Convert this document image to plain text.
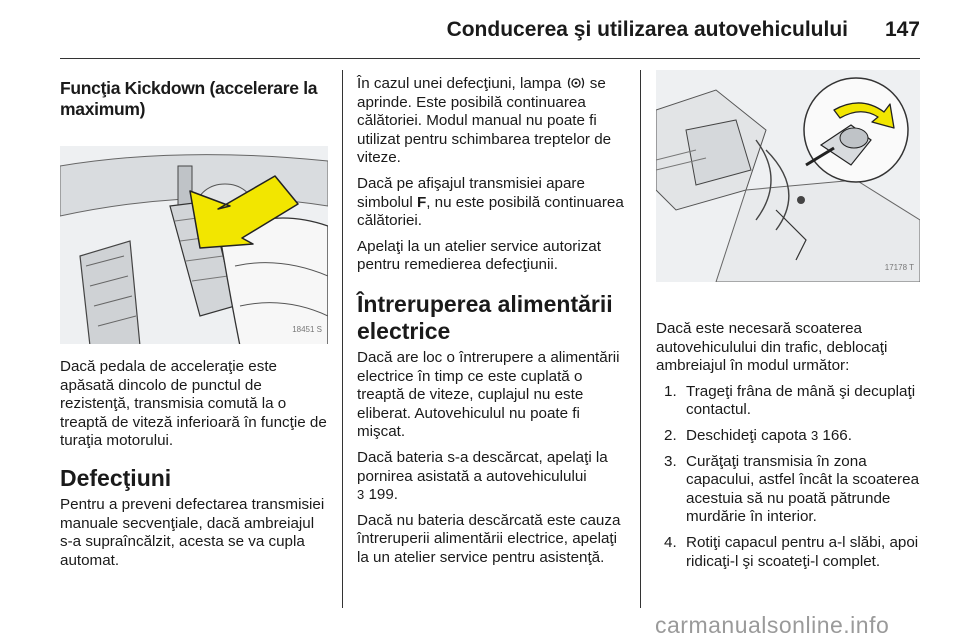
Conducerea şi utilizarea autovehiculului 147
Funcţia Kickdown (accelerare la maximum)
18451 S

Dacă pedala de acceleraţie este apăsată dincolo de punctul de rezistenţă, transmisia comută la o treaptă de viteză inferioară în funcţie de turaţia motorului.

Defecţiuni

Pentru a preveni defectarea transmisiei manuale secvenţiale, dacă ambreiajul s-a supraîncălzit, acesta se va cupla automat.

În cazul unei defecţiuni, lampa  se aprinde. Este posibilă continuarea călătoriei. Modul manual nu poate fi utilizat pentru schimbarea treptelor de viteze.

Dacă pe afişajul transmisiei apare simbolul F, nu este posibilă continuarea călătoriei.

Apelaţi la un atelier service autorizat pentru remedierea defecţiunii.

Întreruperea alimentării electrice

Dacă are loc o întrerupere a alimentării electrice în timp ce este cuplată o treaptă de viteze, cuplajul nu este eliberat. Autovehiculul nu poate fi mişcat.

Dacă bateria s-a descărcat, apelaţi la pornirea asistată a autovehiculului
3 199.

Dacă nu bateria descărcată este cauza întreruperii alimentării electrice, apelaţi la un atelier service pentru asistenţă.

17178 T

Dacă este necesară scoaterea autovehiculului din trafic, deblocaţi ambreiajul în modul următor:

1. Trageţi frâna de mână şi decuplaţi contactul.
2. Deschideţi capota 3 166.
3. Curăţaţi transmisia în zona capacului, astfel încât la scoaterea acestuia să nu poată pătrunde murdărie în interior.
4. Rotiţi capacul pentru a-l slăbi, apoi ridicaţi-l şi scoateţi-l complet.
carmanualsonline.info
